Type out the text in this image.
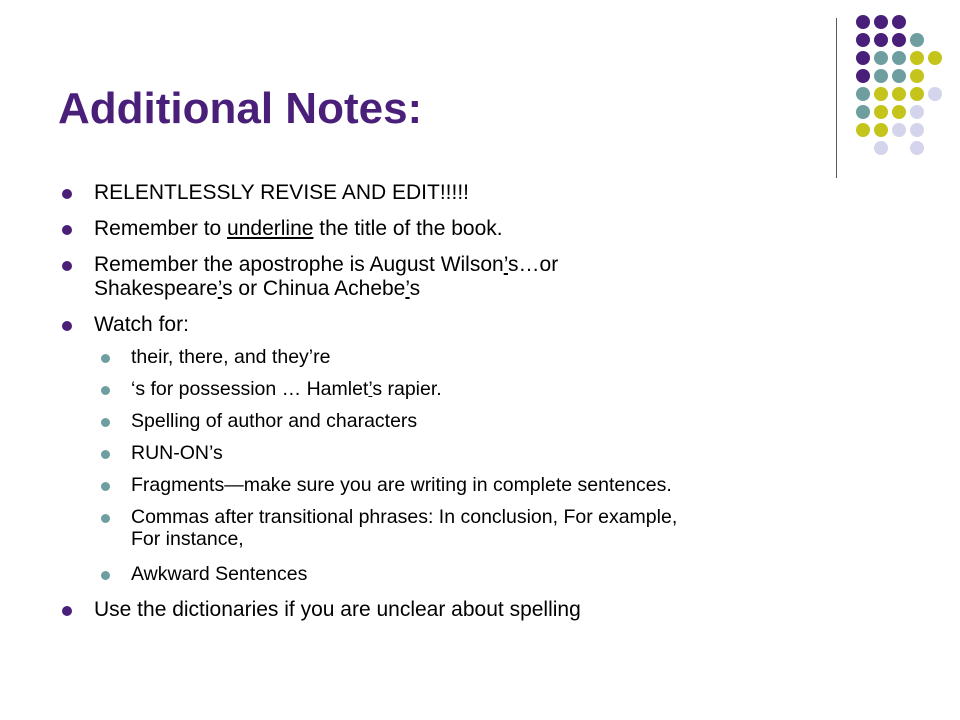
Additional Notes:
RELENTLESSLY REVISE AND EDIT!!!!!
Remember to underline the title of the book.
Remember the apostrophe is August Wilson’s…or
Shakespeare’s or Chinua Achebe’s
Watch for:
their, there, and they’re
‘s for possession … Hamlet’s rapier.
Spelling of author and characters
RUN-ON’s
Fragments—make sure you are writing in complete sentences.
Commas after transitional phrases: In conclusion, For example,
For instance,
Awkward Sentences
Use the dictionaries if you are unclear about spelling
